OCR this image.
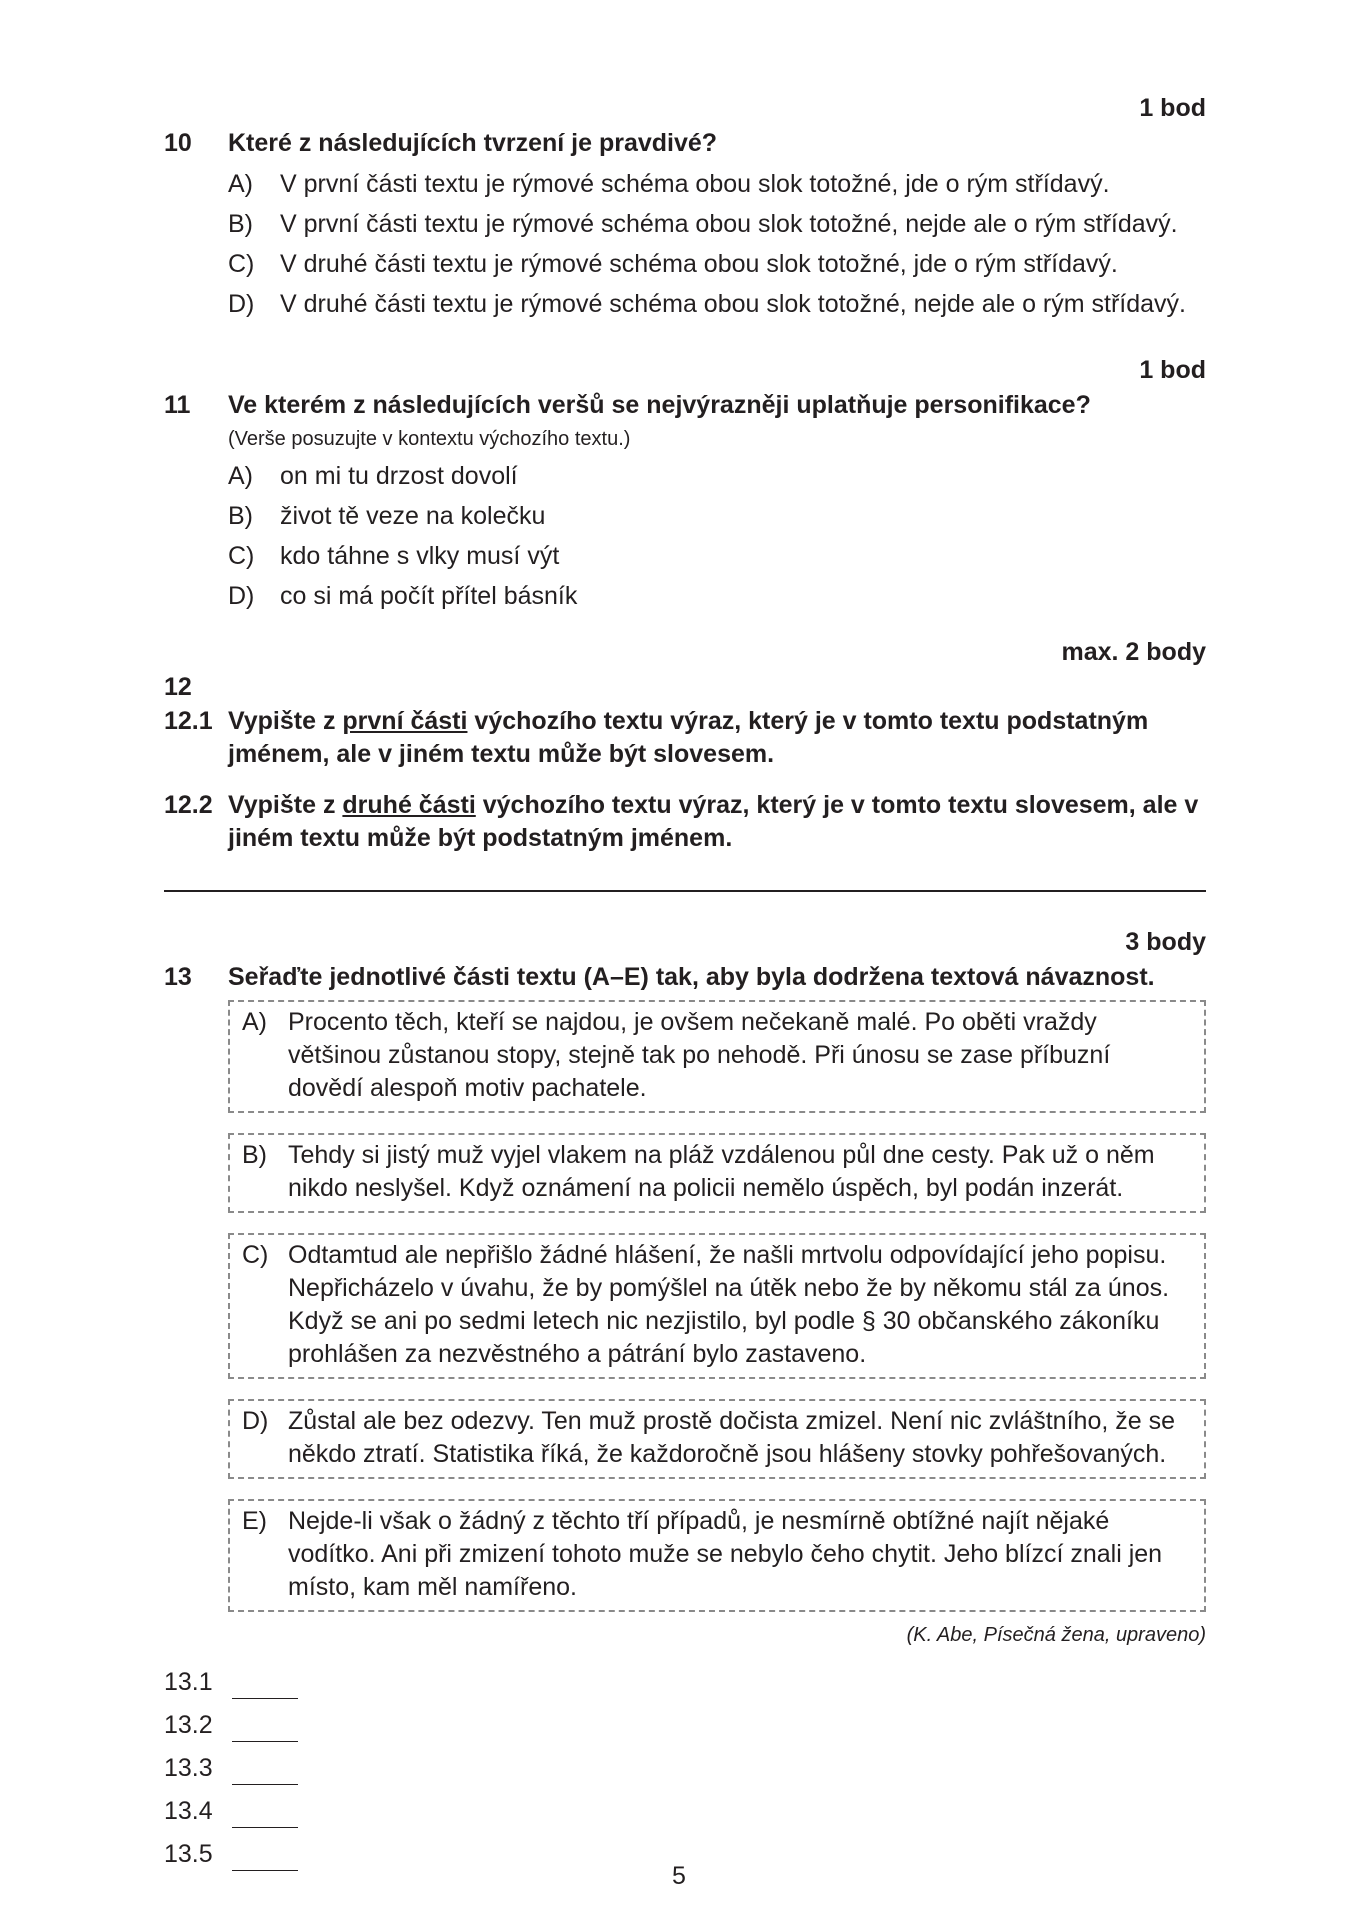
1 bod
10	Které z následujících tvrzení je pravdivé?
A)	V první části textu je rýmové schéma obou slok totožné, jde o rým střídavý.
B)	V první části textu je rýmové schéma obou slok totožné, nejde ale o rým střídavý.
C)	V druhé části textu je rýmové schéma obou slok totožné, jde o rým střídavý.
D)	V druhé části textu je rýmové schéma obou slok totožné, nejde ale o rým střídavý.
1 bod
11	Ve kterém z následujících veršů se nejvýrazněji uplatňuje personifikace?
(Verše posuzujte v kontextu výchozího textu.)
A)	on mi tu drzost dovolí
B)	život tě veze na kolečku
C)	kdo táhne s vlky musí výt
D)	co si má počít přítel básník
max. 2 body
12
12.1 Vypište z první části výchozího textu výraz, který je v tomto textu podstatným jménem, ale v jiném textu může být slovesem.
12.2 Vypište z druhé části výchozího textu výraz, který je v tomto textu slovesem, ale v jiném textu může být podstatným jménem.
3 body
13	Seřaďte jednotlivé části textu (A–E) tak, aby byla dodržena textová návaznost.
A) Procento těch, kteří se najdou, je ovšem nečekaně malé. Po oběti vraždy většinou zůstanou stopy, stejně tak po nehodě. Při únosu se zase příbuzní dovědí alespoň motiv pachatele.
B) Tehdy si jistý muž vyjel vlakem na pláž vzdálenou půl dne cesty. Pak už o něm nikdo neslyšel. Když oznámení na policii nemělo úspěch, byl podán inzerát.
C) Odtamtud ale nepřišlo žádné hlášení, že našli mrtvolu odpovídající jeho popisu. Nepřicházelo v úvahu, že by pomýšlel na útěk nebo že by někomu stál za únos. Když se ani po sedmi letech nic nezjistilo, byl podle § 30 občanského zákoníku prohlášen za nezvěstného a pátrání bylo zastaveno.
D) Zůstal ale bez odezvy. Ten muž prostě dočista zmizel. Není nic zvláštního, že se někdo ztratí. Statistika říká, že každoročně jsou hlášeny stovky pohřešovaných.
E) Nejde-li však o žádný z těchto tří případů, je nesmírně obtížné najít nějaké vodítko. Ani při zmizení tohoto muže se nebylo čeho chytit. Jeho blízcí znali jen místo, kam měl namířeno.
(K. Abe, Písečná žena, upraveno)
13.1
13.2
13.3
13.4
13.5
5
